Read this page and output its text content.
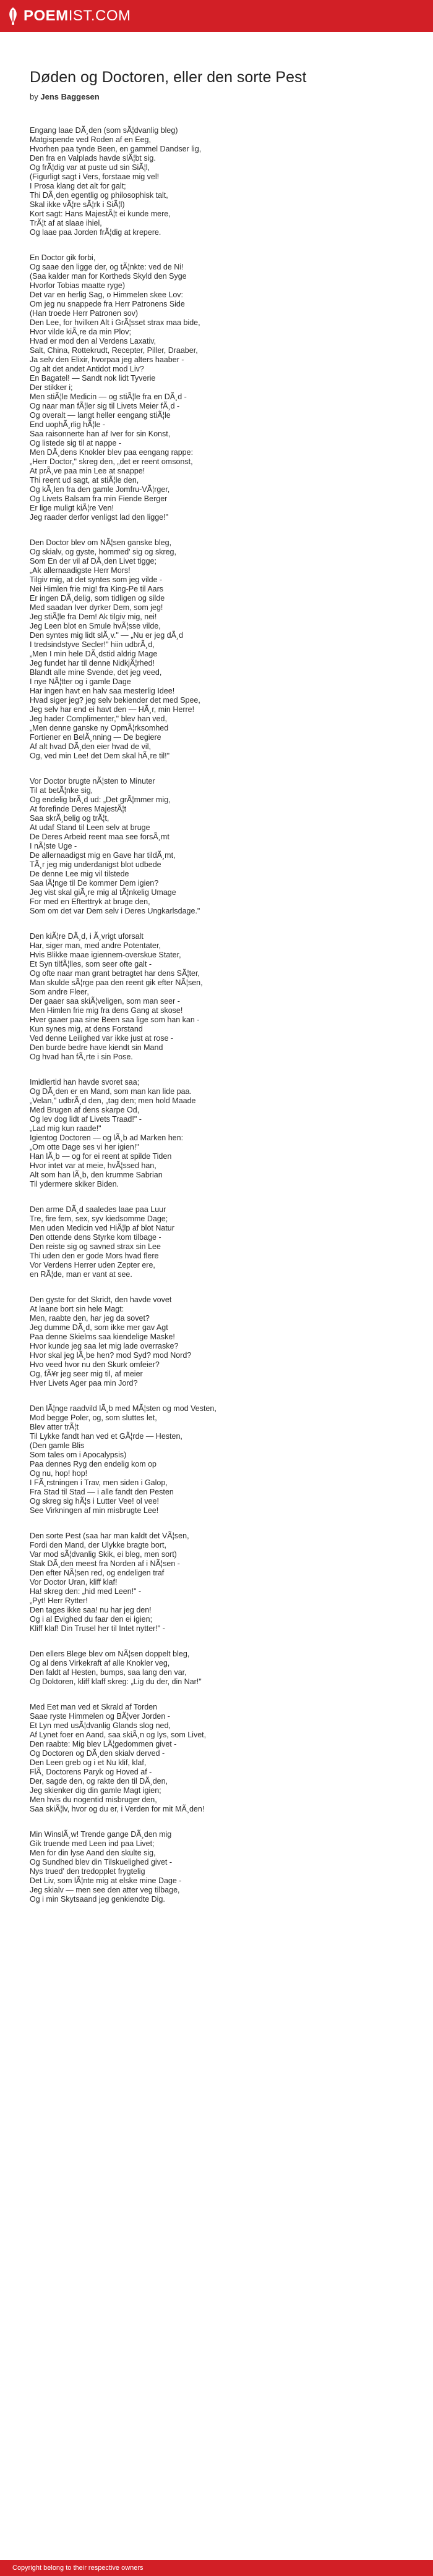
POEMIST.COM
Døden og Doctoren, eller den sorte Pest
by Jens Baggesen
Engang laae DÃ¸den (som sÃ¦dvanlig bleg)
Matgispende ved Roden af en Eeg,
Hvorhen paa tynde Been, en gammel Dandser lig,
Den fra en Valplads havde slÃ¦bt sig.
Og frÃ¦dig var at puste ud sin SiÃ¦l,
(Figurligt sagt i Vers, forstaae mig vel!
I Prosa klang det alt for galt;
Thi DÃ¸den egentlig og philosophisk talt,
Skal ikke vÃ¦re sÃ¦rk i SiÃ¦l)
Kort sagt: Hans MajestÃ¦t ei kunde mere,
TrÃ¦t af at slaae ihiel,
Og laae paa Jorden frÃ¦dig at krepere.
En Doctor gik forbi,
Og saae den ligge der, og tÃ¦nkte: ved de Ni!
(Saa kalder man for Kortheds Skyld den Syge
Hvorfor Tobias maatte ryge)
Det var en herlig Sag, o Himmelen skee Lov:
Om jeg nu snappede fra Herr Patronens Side
(Han troede Herr Patronen sov)
Den Lee, for hvilken Alt i GrÃ¦sset strax maa bide,
Hvor vilde kiÃ¸re da min Plov;
Hvad er mod den al Verdens Laxativ,
Salt, China, Rottekrudt, Recepter, Piller, Draaber,
Ja selv den Elixir, hvorpaa jeg alters haaber -
Og alt det andet Antidot mod Liv?
En Bagatel! — Sandt nok lidt Tyverie
Der stikker i;
Men stiÃ¦le Medicin — og stiÃ¦le fra en DÃ¸d -
Og naar man fÃ¦ler sig til Livets Meier fÃ¸d -
Og overalt — langt heller eengang stiÃ¦le
End uophÃ¸rlig hÃ¦le -
Saa raisonnerte han af Iver for sin Konst,
Og listede sig til at nappe -
Men DÃ¸dens Knokler blev paa eengang rappe:
„Herr Doctor," skreg den, „det er reent omsonst,
At prÃ¸ve paa min Lee at snappe!
Thi reent ud sagt, at stiÃ¦le den,
Og kÃ¸len fra den gamle Jomfru-VÃ¦rger,
Og Livets Balsam fra min Fiende Berger
Er lige muligt kiÃ¦re Ven!
Jeg raader derfor venligst lad den ligge!"
Den Doctor blev om NÃ¦sen ganske bleg,
Og skialv, og gyste, hommed' sig og skreg,
Som En der vil af DÃ¸den Livet tigge;
„Ak allernaadigste Herr Mors!
Tilgiv mig, at det syntes som jeg vilde -
Nei Himlen frie mig! fra King-Pe til Aars
Er ingen DÃ¸delig, som tidligen og silde
Med saadan Iver dyrker Dem, som jeg!
Jeg stiÃ¦le fra Dem! Ak tilgiv mig, nei!
Jeg Leen blot en Smule hvÃ¦sse vilde,
Den syntes mig lidt slÃ¸v." — „Nu er jeg dÃ¸d
I tredsindstyve Secler!" hiin udbrÃ¸d,
„Men I min hele DÃ¸dstid aldrig Mage
Jeg fundet har til denne NidkjÃ¦rhed!
Blandt alle mine Svende, det jeg veed,
I nye NÃ¦tter og i gamle Dage
Har ingen havt en halv saa mesterlig Idee!
Hvad siger jeg? jeg selv bekiender det med Spee,
Jeg selv har end ei havt den — HÃ¸r, min Herre!
Jeg hader Complimenter," blev han ved,
„Men denne ganske ny OpmÃ¦rksomhed
Fortiener en BelÃ¸nning — De begiere
Af alt hvad DÃ¸den eier hvad de vil,
Og, ved min Lee! det Dem skal hÃ¸re til!"
Vor Doctor brugte nÃ¦sten to Minuter
Til at betÃ¦nke sig,
Og endelig brÃ¸d ud: „Det grÃ¦mmer mig,
At forefinde Deres MajestÃ¦t
Saa skrÃ¸belig og trÃ¦t,
At udaf Stand til Leen selv at bruge
De Deres Arbeid reent maa see forsÃ¸mt
I nÃ¦ste Uge -
De allernaadigst mig en Gave har tildÃ¸mt,
TÃ¸r jeg mig underdanigst blot udbede
De denne Lee mig vil tilstede
Saa lÃ¦nge til De kommer Dem igien?
Jeg vist skal giÃ¸re mig al tÃ¦nkelig Umage
For med en Efterttryk at bruge den,
Som om det var Dem selv i Deres Ungkarlsdage."
Den kiÃ¦re DÃ¸d, i Ã¸vrigt uforsalt
Har, siger man, med andre Potentater,
Hvis Blikke maae igiennem-overskue Stater,
Et Syn tilfÃ¦lles, som seer ofte galt -
Og ofte naar man grant betragtet har dens SÃ¦ter,
Man skulde sÃ¦rge paa den reent gik efter NÃ¦sen,
Som andre Fleer,
Der gaaer saa skiÃ¦veligen, som man seer -
Men Himlen frie mig fra dens Gang at skose!
Hver gaaer paa sine Been saa lige som han kan -
Kun synes mig, at dens Forstand
Ved denne Leilighed var ikke just at rose -
Den burde bedre have kiendt sin Mand
Og hvad han fÃ¸rte i sin Pose.
Imidlertid han havde svoret saa;
Og DÃ¸den er en Mand, som man kan lide paa.
„Velan," udbrÃ¸d den, „tag den; men hold Maade
Med Brugen af dens skarpe Od,
Og lev dog lidt af Livets Traad!" -
„Lad mig kun raade!"
Igientog Doctoren — og lÃ¸b ad Marken hen:
„Om otte Dage ses vi her igien!"
Han lÃ¸b — og for ei reent at spilde Tiden
Hvor intet var at meie, hvÃ¦ssed han,
Alt som han lÃ¸b, den krumme Sabrian
Til ydermere skiker Biden.
Den arme DÃ¸d saaledes laae paa Luur
Tre, fire fem, sex, syv kiedsomme Dage;
Men uden Medicin ved HiÃ¦lp af blot Natur
Den ottende dens Styrke kom tilbage -
Den reiste sig og savned strax sin Lee
Thi uden den er gode Mors hvad flere
Vor Verdens Herrer uden Zepter ere,
en RÃ¦de, man er vant at see.
Den gyste for det Skridt, den havde vovet
At laane bort sin hele Magt:
Men, raabte den, har jeg da sovet?
Jeg dumme DÃ¸d, som ikke mer gav Agt
Paa denne Skielms saa kiendelige Maske!
Hvor kunde jeg saa let mig lade overraske?
Hvor skal jeg lÃ¸be hen? mod Syd? mod Nord?
Hvo veed hvor nu den Skurk omfeier?
Og, fÃ¥r jeg seer mig til, af meier
Hver Livets Ager paa min Jord?
Den lÃ¦nge raadvild lÃ¸b med MÃ¦sten og mod Vesten,
Mod begge Poler, og, som sluttes let,
Blev atter trÃ¦t
Til Lykke fandt han ved et GÃ¦rde — Hesten,
(Den gamle Blis
Som tales om i Apocalypsis)
Paa dennes Ryg den endelig kom op
Og nu, hop! hop!
I FÃ¸rstningen i Trav, men siden i Galop,
Fra Stad til Stad — i alle fandt den Pesten
Og skreg sig hÃ¦s i Lutter Vee! ol vee!
See Virkningen af min misbrugte Lee!
Den sorte Pest (saa har man kaldt det VÃ¦sen,
Fordi den Mand, der Ulykke bragte bort,
Var mod sÃ¦dvanlig Skik, ei bleg, men sort)
Stak DÃ¸den meest fra Norden af i NÃ¦sen -
Den efter NÃ¦sen red, og endeligen traf
Vor Doctor Uran, kliff klaf!
Ha! skreg den: „hid med Leen!" -
„Pyt! Herr Rytter!
Den tages ikke saa! nu har jeg den!
Og i al Evighed du faar den ei igien;
Kliff klaf! Din Trusel her til Intet nytter!" -
Den ellers Blege blev om NÃ¦sen doppelt bleg,
Og al dens Virkekraft af alle Knokler veg,
Den faldt af Hesten, bumps, saa lang den var,
Og Doktoren, kliff klaff skreg: „Lig du der, din Nar!"
Med Eet man ved et Skrald af Torden
Saae ryste Himmelen og BÃ¦ver Jorden -
Et Lyn med usÃ¦dvanlig Glands slog ned,
Af Lynet foer en Aand, saa skiÃ¸n og lys, som Livet,
Den raabte: Mig blev LÃ¦gedommen givet -
Og Doctoren og DÃ¸den skialv derved -
Den Leen greb og i et Nu klif, klaf,
FlÃ¸ Doctorens Paryk og Hoved af -
Der, sagde den, og rakte den til DÃ¸den,
Jeg skienker dig din gamle Magt igien;
Men hvis du nogentid misbruger den,
Saa skiÃ¦lv, hvor og du er, i Verden for mit MÃ¸den!
Min WinslÃ¸w! Trende gange DÃ¸den mig
Gik truende med Leen ind paa Livet;
Men for din lyse Aand den skulte sig,
Og Sundhed blev din Tilskuelighed givet -
Nys trued' den tredopplet frygtelig
Det Liv, som lÃ¦nte mig at elske mine Dage -
Jeg skialv — men see den atter veg tilbage,
Og i min Skytsaand jeg genkiendte Dig.
Copyright belong to their respective owners
